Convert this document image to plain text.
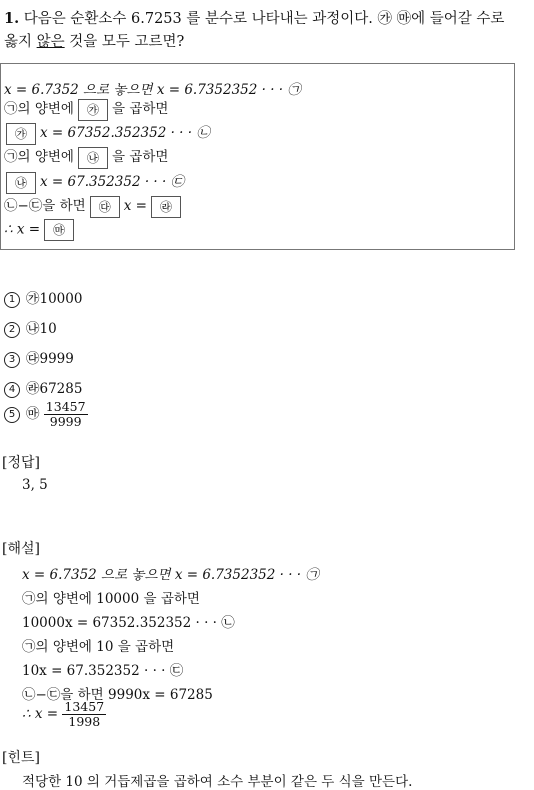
1. 다음은 순환소수 6.7253 를 분수로 나타내는 과정이다. ㉮ ㉲에 들어갈 수로
옳지 않은 것을 모두 고르면?
x = 6.7352 으로 놓으면 x = 6.7352352 · · · ㉠
㉠의 양변에 ㉮ 을 곱하면
㉮ x = 67352.352352 · · · ㉡
㉠의 양변에 ㉯ 을 곱하면
㉯ x = 67.352352 · · · ㉢
㉡−㉢을 하면 ㉰ x = ㉱
∴ x = ㉲
1 ㉮10000
2 ㉯10
3 ㉰9999
4 ㉱67285
5 ㉲ $\frac{13457}{9999}$
[정답]
3, 5
[해설]
x = 6.7352 으로 놓으면 x = 6.7352352 · · · ㉠
㉠의 양변에 10000 을 곱하면
10000x = 67352.352352 · · · ㉡
㉠의 양변에 10 을 곱하면
10x = 67.352352 · · · ㉢
㉡−㉢을 하면 9990x = 67285
∴ $x = \frac{13457}{1998}$
[힌트]
적당한 10 의 거듭제곱을 곱하여 소수 부분이 같은 두 식을 만든다.
